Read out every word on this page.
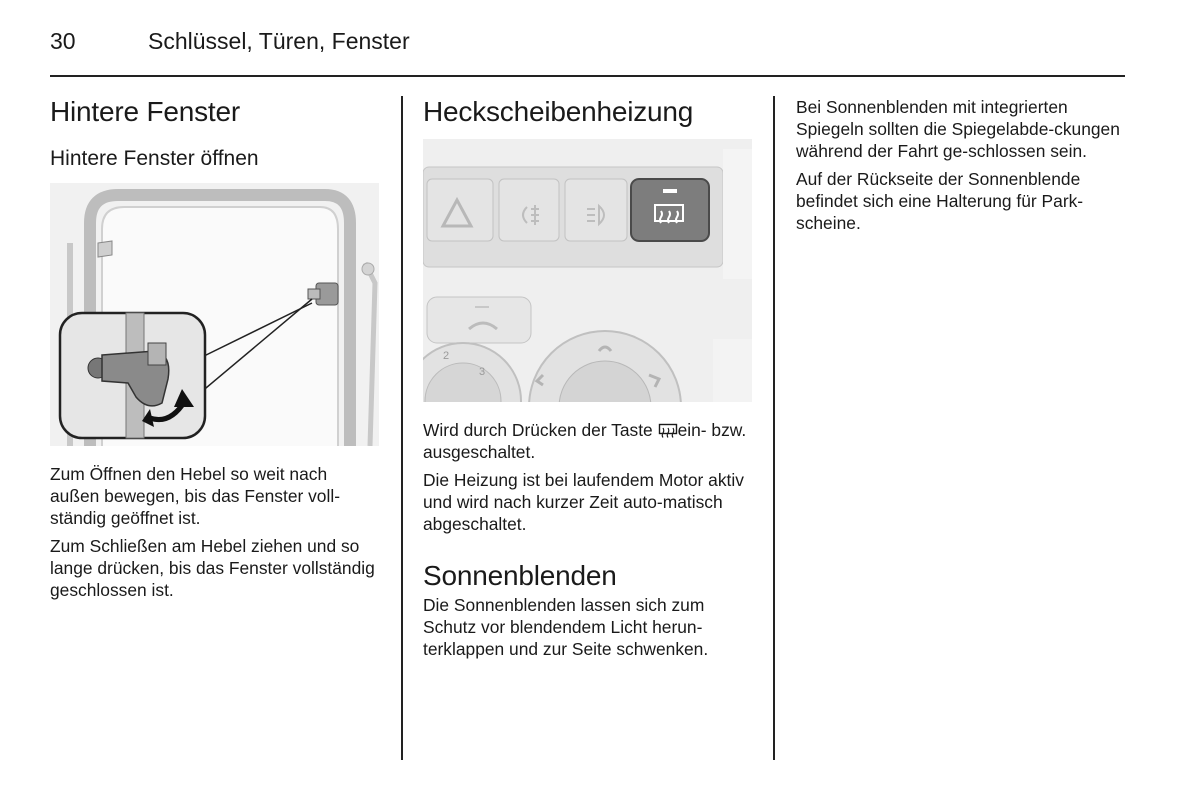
30	Schlüssel, Türen, Fenster
Hintere Fenster
Hintere Fenster öffnen

Zum Öffnen den Hebel so weit nach außen bewegen, bis das Fenster voll-ständig geöffnet ist.

Zum Schließen am Hebel ziehen und so lange drücken, bis das Fenster vollständig geschlossen ist.

Heckscheibenheizung
2
3

Wird durch Drücken der Taste ein- bzw. ausgeschaltet.

Die Heizung ist bei laufendem Motor aktiv und wird nach kurzer Zeit auto-matisch abgeschaltet.

Sonnenblenden

Die Sonnenblenden lassen sich zum Schutz vor blendendem Licht herun-terklappen und zur Seite schwenken.

Bei Sonnenblenden mit integrierten Spiegeln sollten die Spiegelabde-ckungen während der Fahrt ge-schlossen sein.

Auf der Rückseite der Sonnenblende befindet sich eine Halterung für Park-scheine.
